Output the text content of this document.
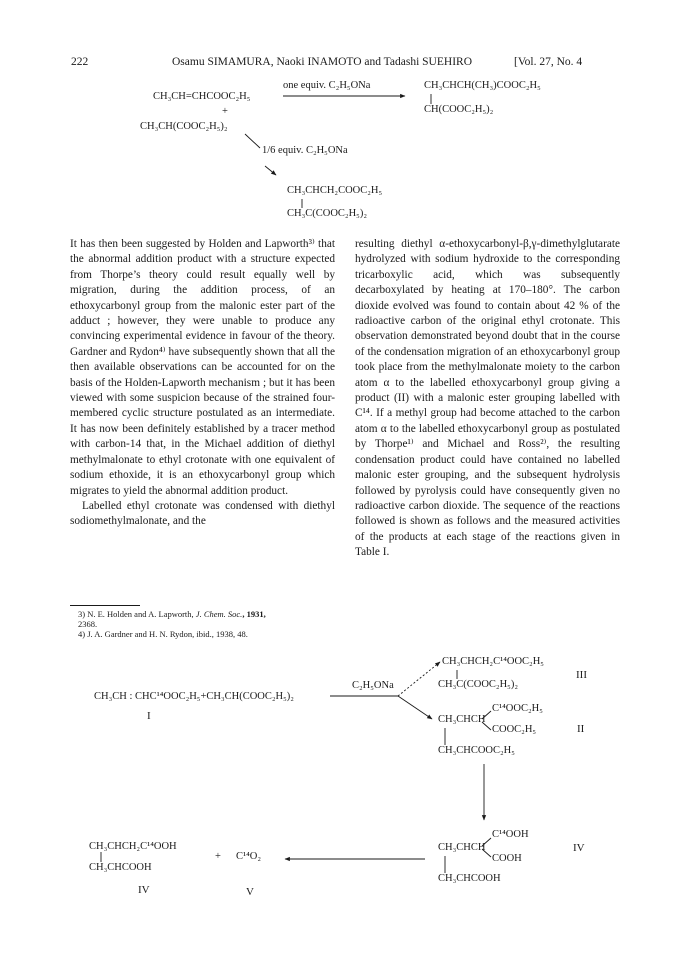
222	Osamu SIMAMURA, Naoki INAMOTO and Tadashi SUEHIRO	[Vol. 27, No. 4
one equiv. C₂H₅ONa
CH₃CH=CHCOOC₂H₅
+
CH₃CH(COOC₂H₅)₂
CH₃CHCH(CH₃)COOC₂H₅
CH(COOC₂H₅)₂
1/6 equiv. C₂H₅ONa
CH₃CHCH₂COOC₂H₅
CH₃C(COOC₂H₅)₂

It has then been suggested by Holden and Lapworth³⁾ that the abnormal addition product with a structure expected from Thorpe’s theory could result equally well by migration, during the addition process, of an ethoxycarbonyl group from the malonic ester part of the adduct ; however, they were unable to produce any convincing experimental evidence in favour of the theory. Gardner and Rydon⁴⁾ have subsequently shown that all the then available observations can be accounted for on the basis of the Holden-Lapworth mechanism ; but it has been viewed with some suspicion because of the strained four-membered cyclic structure postulated as an intermediate. It has now been definitely established by a tracer method with carbon-14 that, in the Michael addition of diethyl methylmalonate to ethyl crotonate with one equivalent of sodium ethoxide, it is an ethoxycarbonyl group which migrates to yield the abnormal addition product.

Labelled ethyl crotonate was condensed with diethyl sodiomethylmalonate, and the

3) N. E. Holden and A. Lapworth, J. Chem. Soc., 1931,
2368.
4) J. A. Gardner and H. N. Rydon, ibid., 1938, 48.

resulting diethyl α-ethoxycarbonyl-β,γ-dimethylglutarate hydrolyzed with sodium hydroxide to the corresponding tricarboxylic acid, which was subsequently decarboxylated by heating at 170–180°. The carbon dioxide evolved was found to contain about 42 % of the radioactive carbon of the original ethyl crotonate. This observation demonstrated beyond doubt that in the course of the condensation migration of an ethoxycarbonyl group took place from the methylmalonate moiety to the carbon atom α to the labelled ethoxycarbonyl group giving a product (II) with a malonic ester grouping labelled with C¹⁴. If a methyl group had become attached to the carbon atom α to the labelled ethoxycarbonyl group as postulated by Thorpe¹⁾ and Michael and Ross²⁾, the resulting condensation product could have contained no labelled malonic ester grouping, and the subsequent hydrolysis followed by pyrolysis could have consequently given no radioactive carbon dioxide. The sequence of the reactions followed is shown as follows and the measured activities of the products at each stage of the reactions given in Table I.

CH₃CH : CHC¹⁴OOC₂H₅+CH₃CH(COOC₂H₅)₂
I
C₂H₅ONa
CH₃CHCH₂C¹⁴OOC₂H₅
CH₃C(COOC₂H₅)₂
III
C¹⁴OOC₂H₅
CH₃CHCH
COOC₂H₅
CH₃CHCOOC₂H₅
II
C¹⁴OOH
CH₃CHCH
COOH
CH₃CHCOOH
IV
CH₃CHCH₂C¹⁴OOH
CH₃CHCOOH
+ C¹⁴O₂
IV	V
